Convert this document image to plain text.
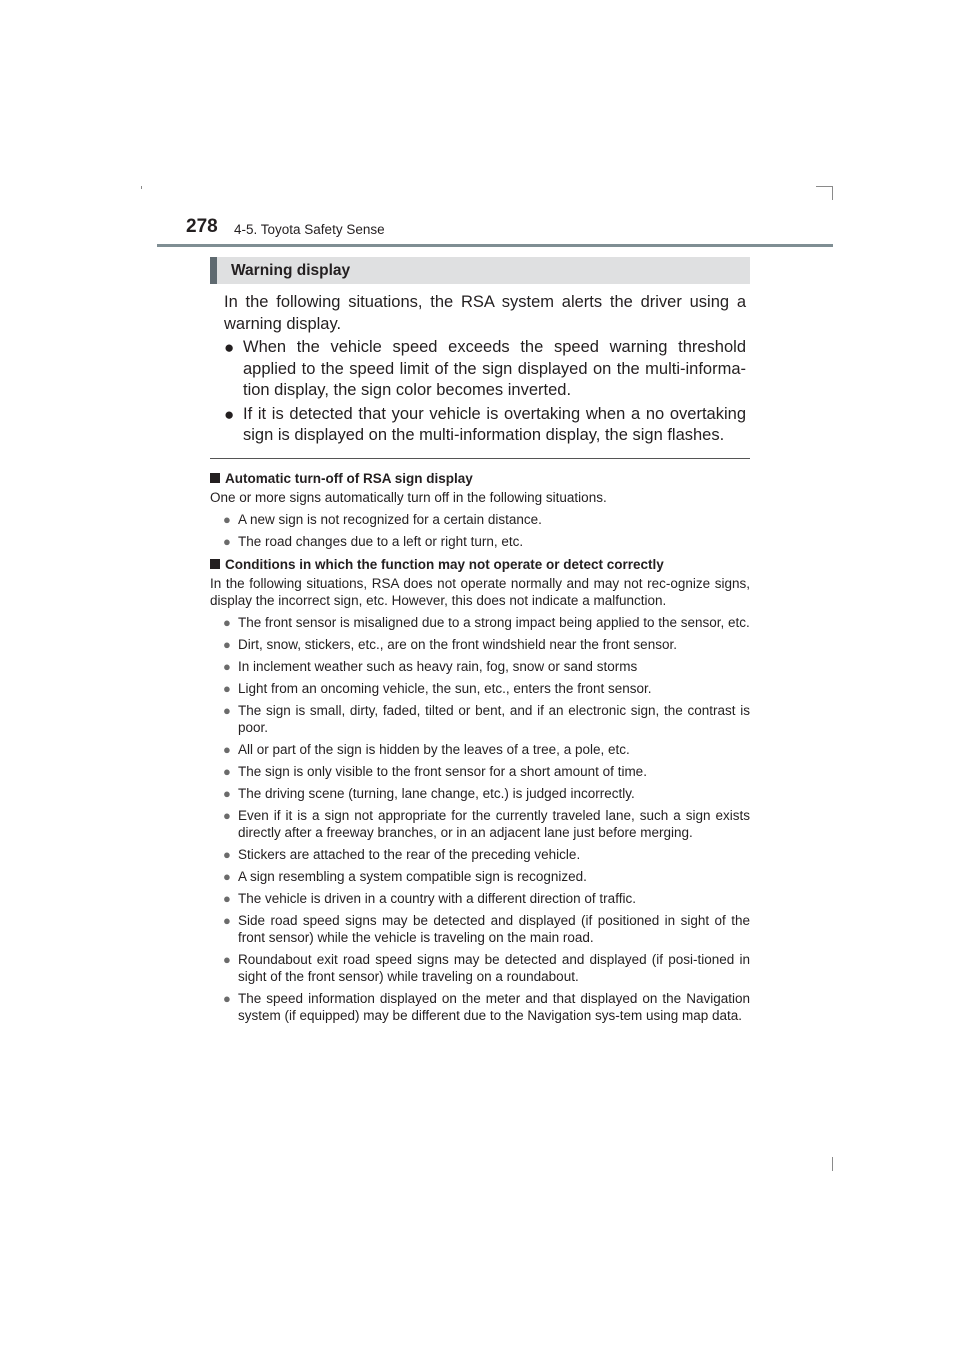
278 4-5. Toyota Safety Sense
Warning display

In the following situations, the RSA system alerts the driver using a warning display.

● When the vehicle speed exceeds the speed warning threshold applied to the speed limit of the sign displayed on the multi-informa-tion display, the sign color becomes inverted.
● If it is detected that your vehicle is overtaking when a no overtaking sign is displayed on the multi-information display, the sign flashes.
Automatic turn-off of RSA sign display

One or more signs automatically turn off in the following situations.

● A new sign is not recognized for a certain distance.
● The road changes due to a left or right turn, etc.
Conditions in which the function may not operate or detect correctly

In the following situations, RSA does not operate normally and may not rec-ognize signs, display the incorrect sign, etc. However, this does not indicate a malfunction.

● The front sensor is misaligned due to a strong impact being applied to the sensor, etc.
● Dirt, snow, stickers, etc., are on the front windshield near the front sensor.
● In inclement weather such as heavy rain, fog, snow or sand storms
● Light from an oncoming vehicle, the sun, etc., enters the front sensor.
● The sign is small, dirty, faded, tilted or bent, and if an electronic sign, the contrast is poor.
● All or part of the sign is hidden by the leaves of a tree, a pole, etc.
● The sign is only visible to the front sensor for a short amount of time.
● The driving scene (turning, lane change, etc.) is judged incorrectly.
● Even if it is a sign not appropriate for the currently traveled lane, such a sign exists directly after a freeway branches, or in an adjacent lane just before merging.
● Stickers are attached to the rear of the preceding vehicle.
● A sign resembling a system compatible sign is recognized.
● The vehicle is driven in a country with a different direction of traffic.
● Side road speed signs may be detected and displayed (if positioned in sight of the front sensor) while the vehicle is traveling on the main road.
● Roundabout exit road speed signs may be detected and displayed (if posi-tioned in sight of the front sensor) while traveling on a roundabout.
● The speed information displayed on the meter and that displayed on the Navigation system (if equipped) may be different due to the Navigation sys-tem using map data.
